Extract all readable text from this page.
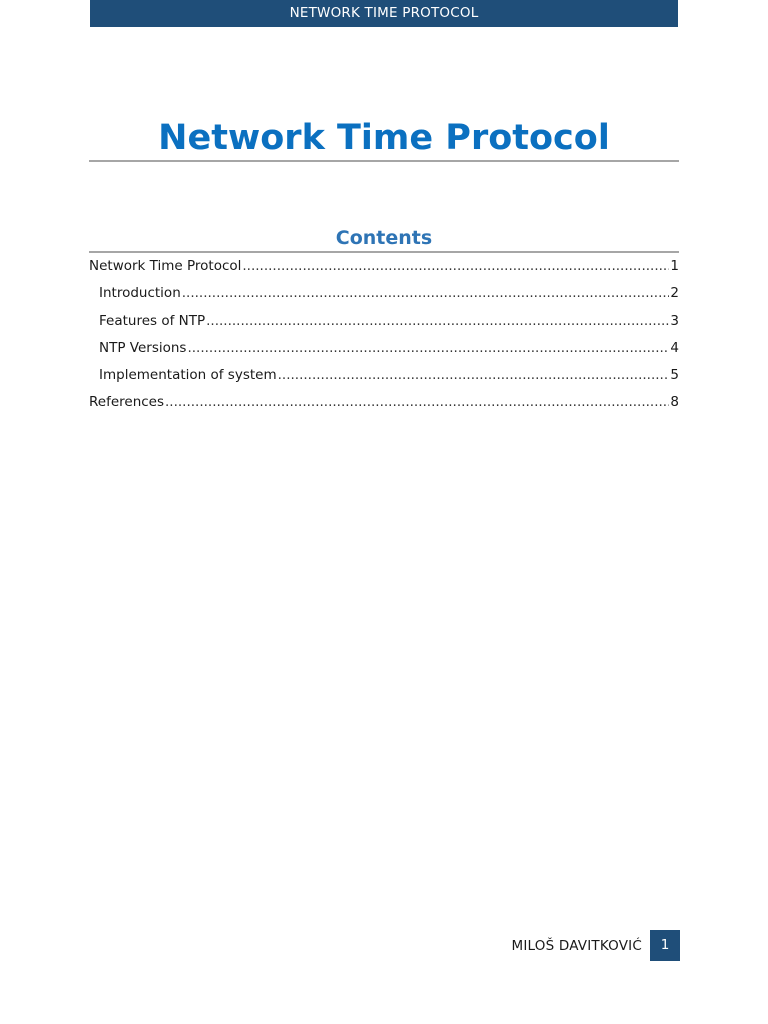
NETWORK TIME PROTOCOL
Network Time Protocol
Contents
Network Time Protocol .....	1
Introduction .....	2
Features of NTP .....	3
NTP Versions .....	4
Implementation of system .....	5
References .....	8
MILOŠ DAVITKOVIĆ	1
